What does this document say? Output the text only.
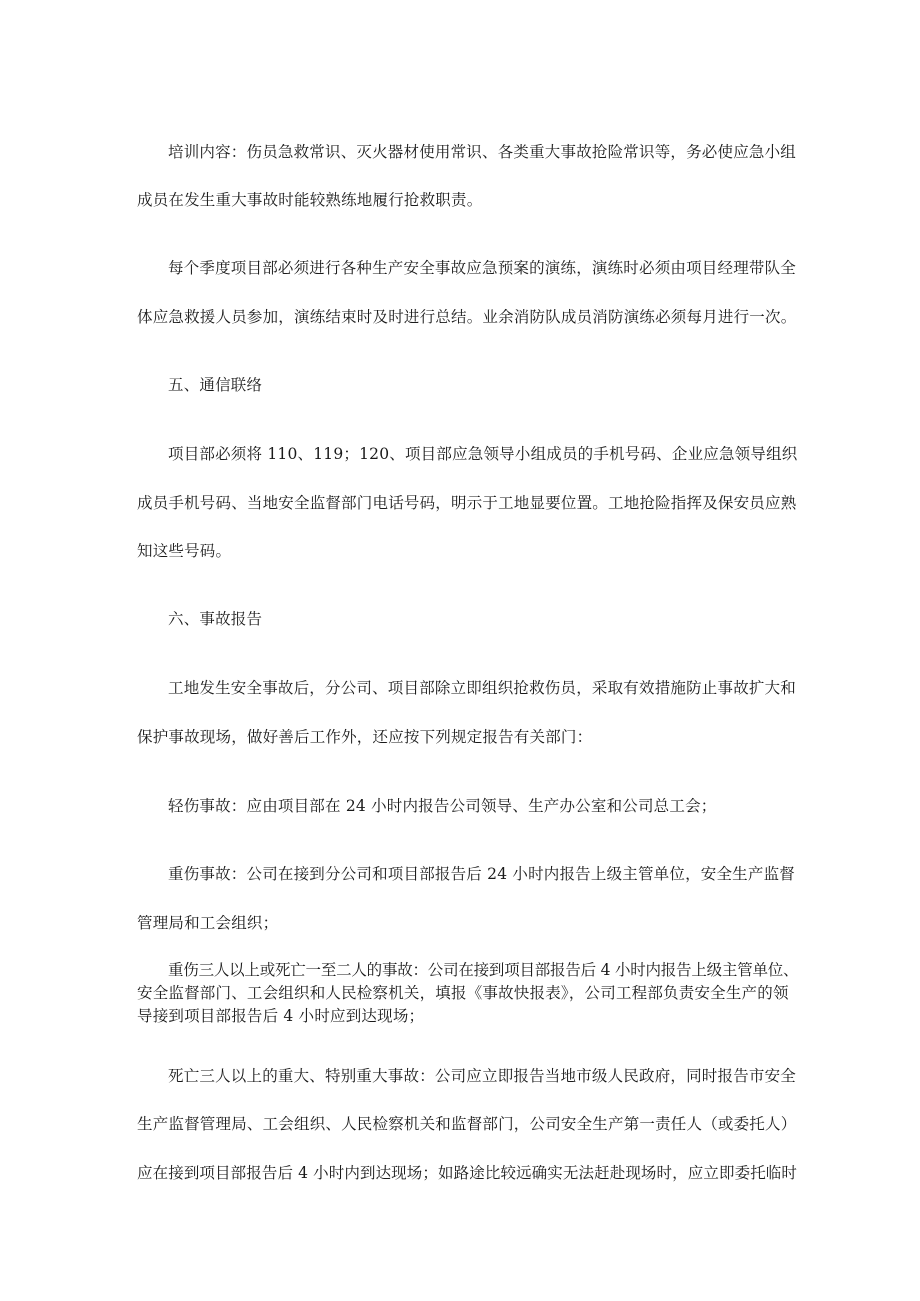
培训内容：伤员急救常识、灭火器材使用常识、各类重大事故抢险常识等，务必使应急小组
成员在发生重大事故时能较熟练地履行抢救职责。
每个季度项目部必须进行各种生产安全事故应急预案的演练，演练时必须由项目经理带队全
体应急救援人员参加，演练结束时及时进行总结。业余消防队成员消防演练必须每月进行一次。
五、通信联络
项目部必须将 110、119；120、项目部应急领导小组成员的手机号码、企业应急领导组织
成员手机号码、当地安全监督部门电话号码，明示于工地显要位置。工地抢险指挥及保安员应熟
知这些号码。
六、事故报告
工地发生安全事故后，分公司、项目部除立即组织抢救伤员，采取有效措施防止事故扩大和
保护事故现场，做好善后工作外，还应按下列规定报告有关部门：
轻伤事故：应由项目部在 24 小时内报告公司领导、生产办公室和公司总工会；
重伤事故：公司在接到分公司和项目部报告后 24 小时内报告上级主管单位，安全生产监督
管理局和工会组织；
重伤三人以上或死亡一至二人的事故：公司在接到项目部报告后 4 小时内报告上级主管单位、
安全监督部门、工会组织和人民检察机关，填报《事故快报表》，公司工程部负责安全生产的领
导接到项目部报告后 4 小时应到达现场；
死亡三人以上的重大、特别重大事故：公司应立即报告当地市级人民政府，同时报告市安全
生产监督管理局、工会组织、人民检察机关和监督部门，公司安全生产第一责任人（或委托人）
应在接到项目部报告后 4 小时内到达现场；如路途比较远确实无法赶赴现场时，应立即委托临时
